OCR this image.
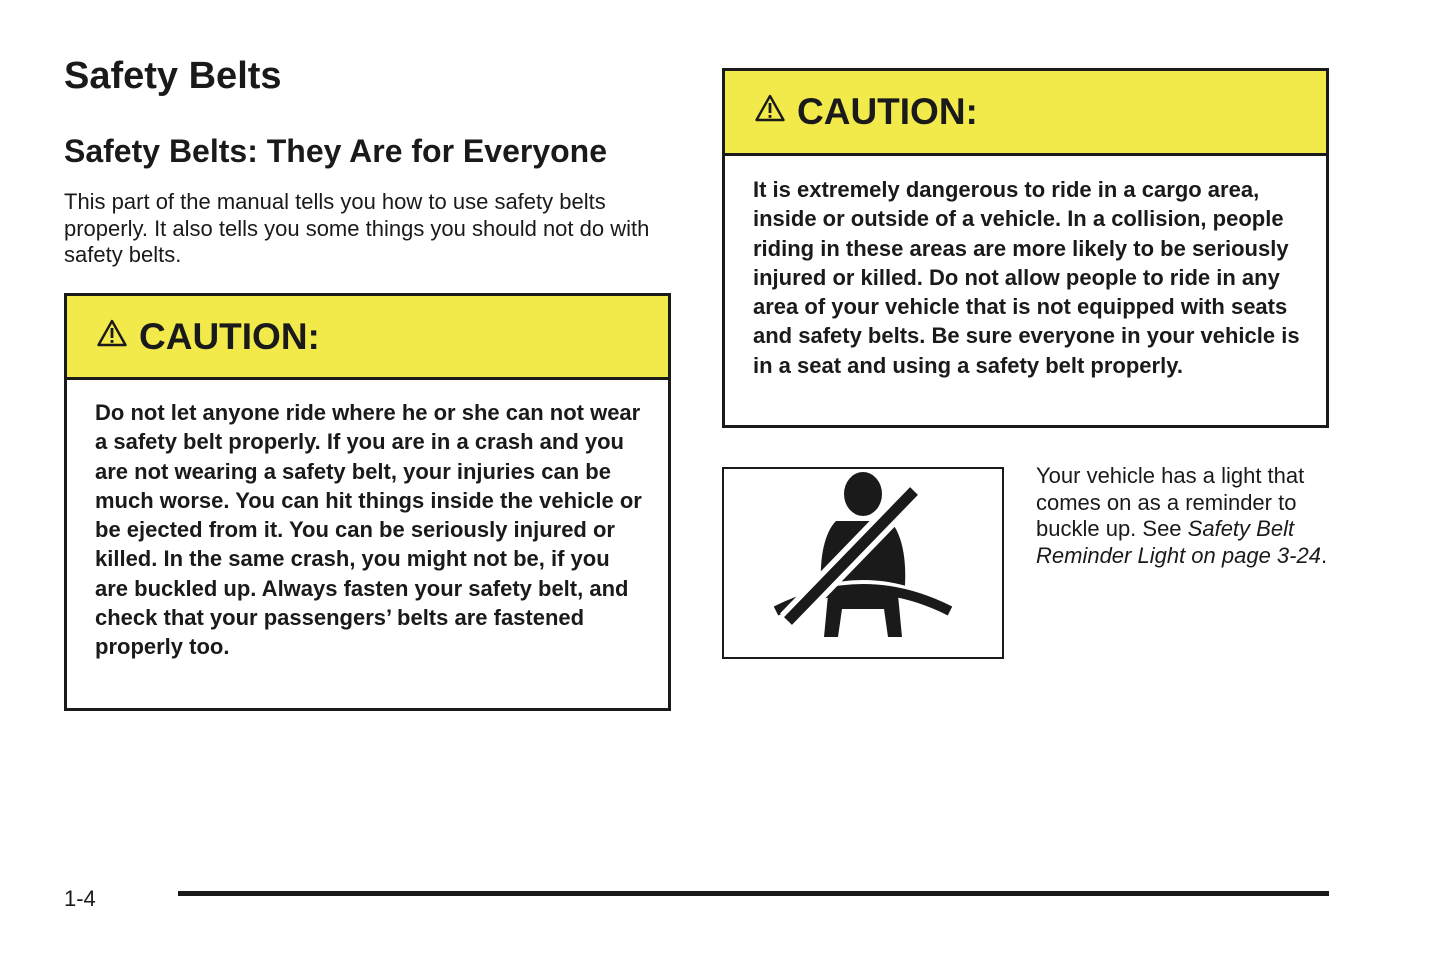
Safety Belts
Safety Belts: They Are for Everyone

This part of the manual tells you how to use safety belts properly. It also tells you some things you should not do with safety belts.

CAUTION:

Do not let anyone ride where he or she can not wear a safety belt properly. If you are in a crash and you are not wearing a safety belt, your injuries can be much worse. You can hit things inside the vehicle or be ejected from it. You can be seriously injured or killed. In the same crash, you might not be, if you are buckled up. Always fasten your safety belt, and check that your passengers’ belts are fastened properly too.

CAUTION:

It is extremely dangerous to ride in a cargo area, inside or outside of a vehicle. In a collision, people riding in these areas are more likely to be seriously injured or killed. Do not allow people to ride in any area of your vehicle that is not equipped with seats and safety belts. Be sure everyone in your vehicle is in a seat and using a safety belt properly.

Your vehicle has a light that comes on as a reminder to buckle up. See Safety Belt Reminder Light on page 3-24.

1-4
